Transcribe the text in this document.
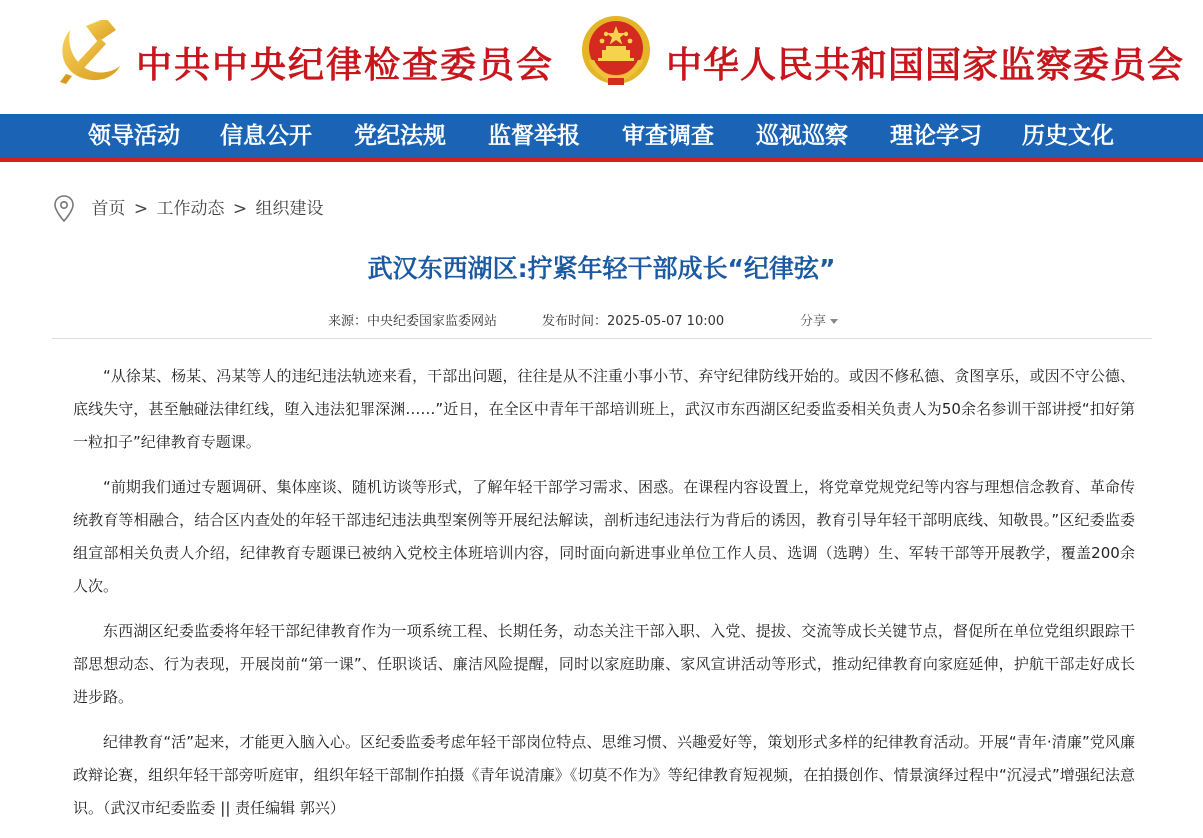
中共中央纪律检查委员会	中华人民共和国国家监察委员会
领导活动 信息公开 党纪法规 监督举报 审查调查 巡视巡察 理论学习 历史文化
首页 > 工作动态 > 组织建设
武汉东西湖区:拧紧年轻干部成长“纪律弦”
来源：中央纪委国家监委网站	发布时间：2025-05-07 10:00	分享

“从徐某、杨某、冯某等人的违纪违法轨迹来看，干部出问题，往往是从不注重小事小节、弃守纪律防线开始的。或因不修私德、贪图享乐，或因不守公德、底线失守，甚至触碰法律红线，堕入违法犯罪深渊……”近日，在全区中青年干部培训班上，武汉市东西湖区纪委监委相关负责人为50余名参训干部讲授“扣好第一粒扣子”纪律教育专题课。

“前期我们通过专题调研、集体座谈、随机访谈等形式，了解年轻干部学习需求、困惑。在课程内容设置上，将党章党规党纪等内容与理想信念教育、革命传统教育等相融合，结合区内查处的年轻干部违纪违法典型案例等开展纪法解读，剖析违纪违法行为背后的诱因，教育引导年轻干部明底线、知敬畏。”区纪委监委组宣部相关负责人介绍，纪律教育专题课已被纳入党校主体班培训内容，同时面向新进事业单位工作人员、选调（选聘）生、军转干部等开展教学，覆盖200余人次。

东西湖区纪委监委将年轻干部纪律教育作为一项系统工程、长期任务，动态关注干部入职、入党、提拔、交流等成长关键节点，督促所在单位党组织跟踪干部思想动态、行为表现，开展岗前“第一课”、任职谈话、廉洁风险提醒，同时以家庭助廉、家风宣讲活动等形式，推动纪律教育向家庭延伸，护航干部走好成长进步路。

纪律教育“活”起来，才能更入脑入心。区纪委监委考虑年轻干部岗位特点、思维习惯、兴趣爱好等，策划形式多样的纪律教育活动。开展“青年·清廉”党风廉政辩论赛，组织年轻干部旁听庭审，组织年轻干部制作拍摄《青年说清廉》《切莫不作为》等纪律教育短视频，在拍摄创作、情景演绎过程中“沉浸式”增强纪法意识。（武汉市纪委监委 || 责任编辑 郭兴）
